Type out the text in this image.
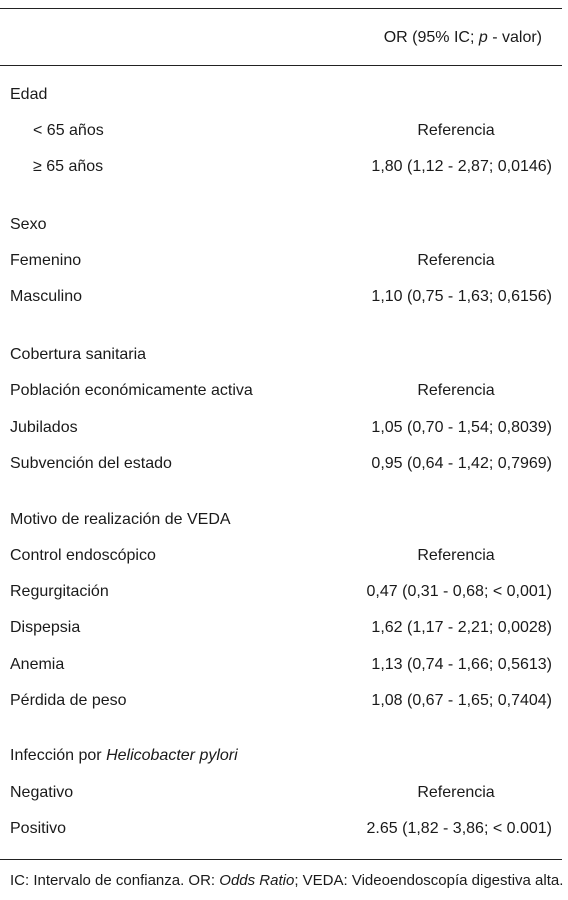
OR (95% IC; p - valor)
Edad
< 65 años	Referencia
≥ 65 años	1,80 (1,12 - 2,87; 0,0146)
Sexo
Femenino	Referencia
Masculino	1,10 (0,75 - 1,63; 0,6156)
Cobertura sanitaria
Población económicamente activa	Referencia
Jubilados	1,05 (0,70 - 1,54; 0,8039)
Subvención del estado	0,95 (0,64 - 1,42; 0,7969)
Motivo de realización de VEDA
Control endoscópico	Referencia
Regurgitación	0,47 (0,31 - 0,68; < 0,001)
Dispepsia	1,62 (1,17 - 2,21; 0,0028)
Anemia	1,13 (0,74 - 1,66; 0,5613)
Pérdida de peso	1,08 (0,67 - 1,65; 0,7404)
Infección por Helicobacter pylori
Negativo	Referencia
Positivo	2.65 (1,82 - 3,86; < 0.001)
IC: Intervalo de confianza. OR: Odds Ratio; VEDA: Videoendoscopía digestiva alta.
